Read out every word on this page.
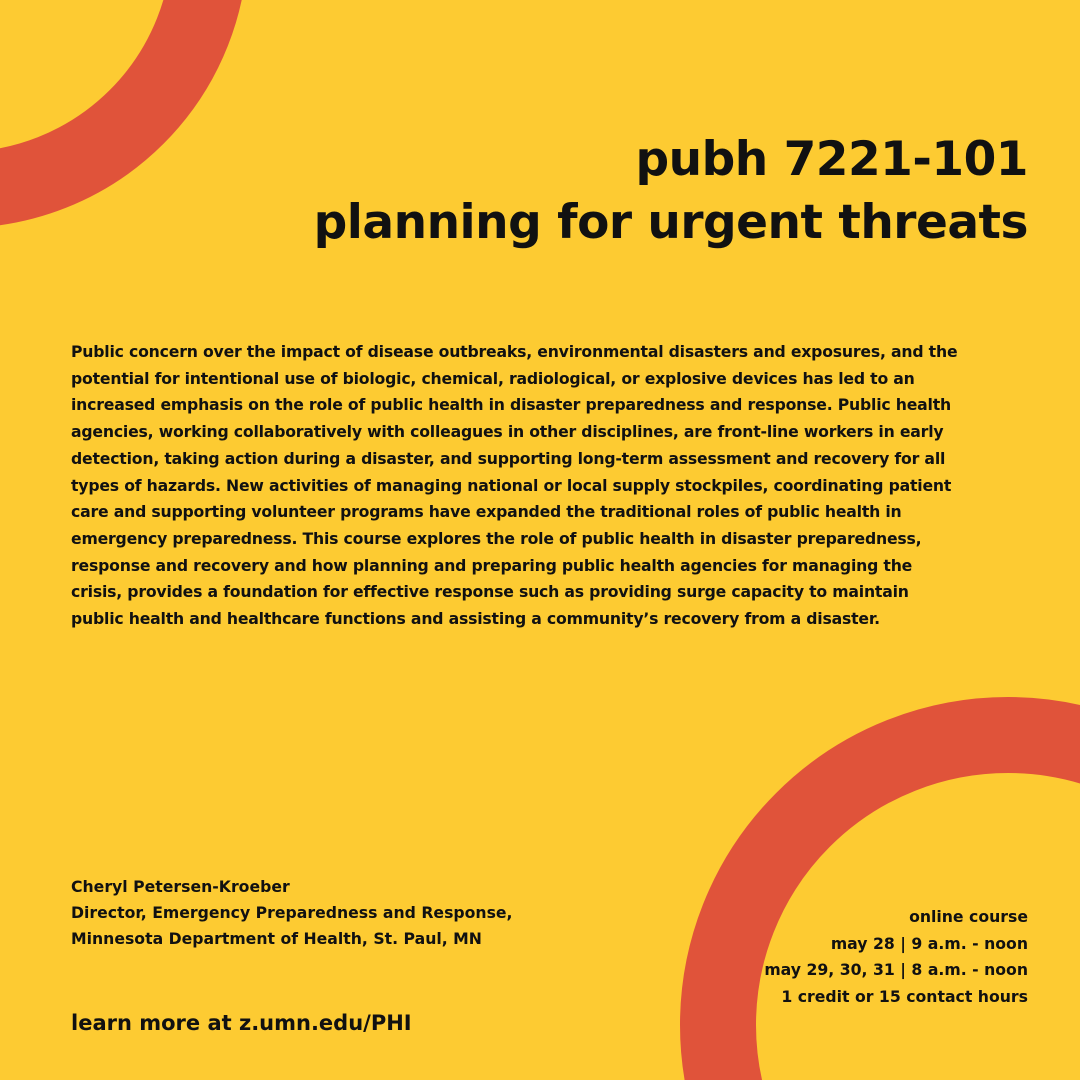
pubh 7221-101
planning for urgent threats

Public concern over the impact of disease outbreaks, environmental disasters and exposures, and the potential for intentional use of biologic, chemical, radiological, or explosive devices has led to an increased emphasis on the role of public health in disaster preparedness and response. Public health agencies, working collaboratively with colleagues in other disciplines, are front-line workers in early detection, taking action during a disaster, and supporting long-term assessment and recovery for all types of hazards. New activities of managing national or local supply stockpiles, coordinating patient care and supporting volunteer programs have expanded the traditional roles of public health in emergency preparedness. This course explores the role of public health in disaster preparedness, response and recovery and how planning and preparing public health agencies for managing the crisis, provides a foundation for effective response such as providing surge capacity to maintain public health and healthcare functions and assisting a community’s recovery from a disaster.

Cheryl Petersen-Kroeber
Director, Emergency Preparedness and Response,
Minnesota Department of Health, St. Paul, MN
online course
may 28 | 9 a.m. - noon
may 29, 30, 31 | 8 a.m. - noon
1 credit or 15 contact hours
learn more at z.umn.edu/PHI
